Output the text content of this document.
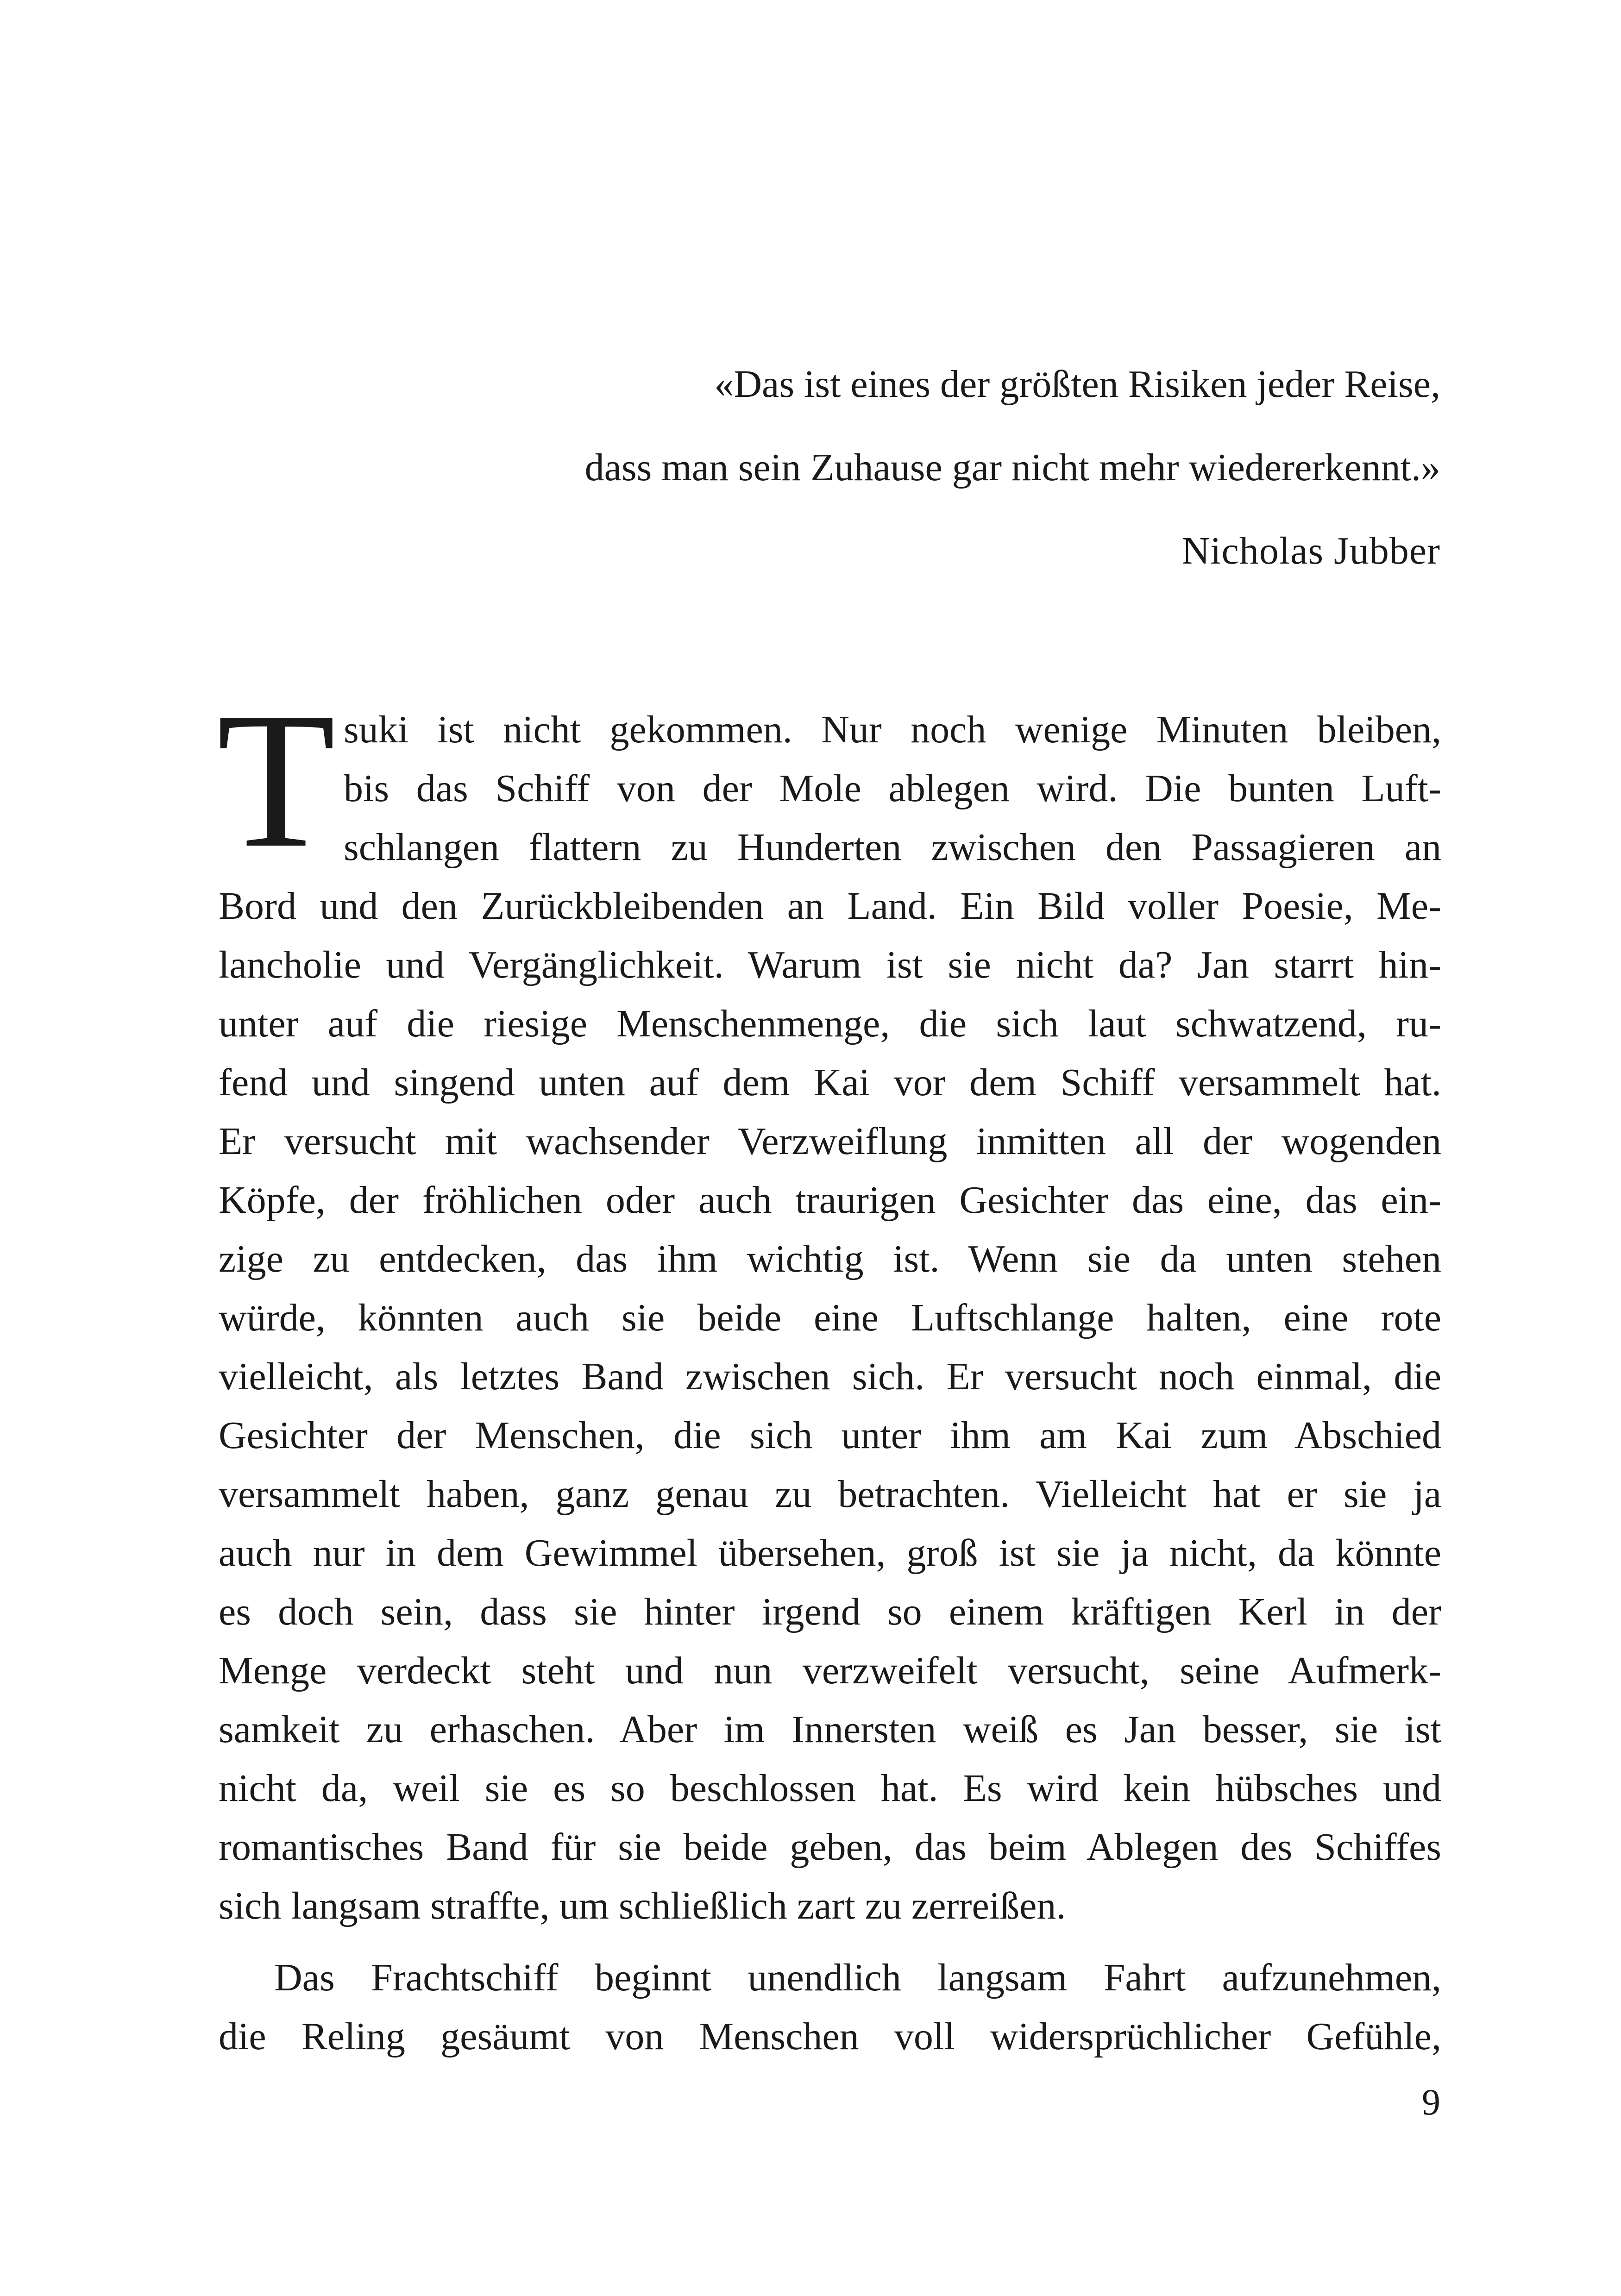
«Das ist eines der größten Risiken jeder Reise,
dass man sein Zuhause gar nicht mehr wiedererkennt.»
Nicholas Jubber
T suki ist nicht gekommen. Nur noch wenige Minuten bleiben,
bis das Schiff von der Mole ablegen wird. Die bunten Luft-
schlangen flattern zu Hunderten zwischen den Passagieren an
Bord und den Zurückbleibenden an Land. Ein Bild voller Poesie, Me-
lancholie und Vergänglichkeit. Warum ist sie nicht da? Jan starrt hin-
unter auf die riesige Menschenmenge, die sich laut schwatzend, ru-
fend und singend unten auf dem Kai vor dem Schiff versammelt hat.
Er versucht mit wachsender Verzweiflung inmitten all der wogenden
Köpfe, der fröhlichen oder auch traurigen Gesichter das eine, das ein-
zige zu entdecken, das ihm wichtig ist. Wenn sie da unten stehen
würde, könnten auch sie beide eine Luftschlange halten, eine rote
vielleicht, als letztes Band zwischen sich. Er versucht noch einmal, die
Gesichter der Menschen, die sich unter ihm am Kai zum Abschied
versammelt haben, ganz genau zu betrachten. Vielleicht hat er sie ja
auch nur in dem Gewimmel übersehen, groß ist sie ja nicht, da könnte
es doch sein, dass sie hinter irgend so einem kräftigen Kerl in der
Menge verdeckt steht und nun verzweifelt versucht, seine Aufmerk-
samkeit zu erhaschen. Aber im Innersten weiß es Jan besser, sie ist
nicht da, weil sie es so beschlossen hat. Es wird kein hübsches und
romantisches Band für sie beide geben, das beim Ablegen des Schiffes
sich langsam straffte, um schließlich zart zu zerreißen.
Das Frachtschiff beginnt unendlich langsam Fahrt aufzunehmen,
die Reling gesäumt von Menschen voll widersprüchlicher Gefühle,
9
